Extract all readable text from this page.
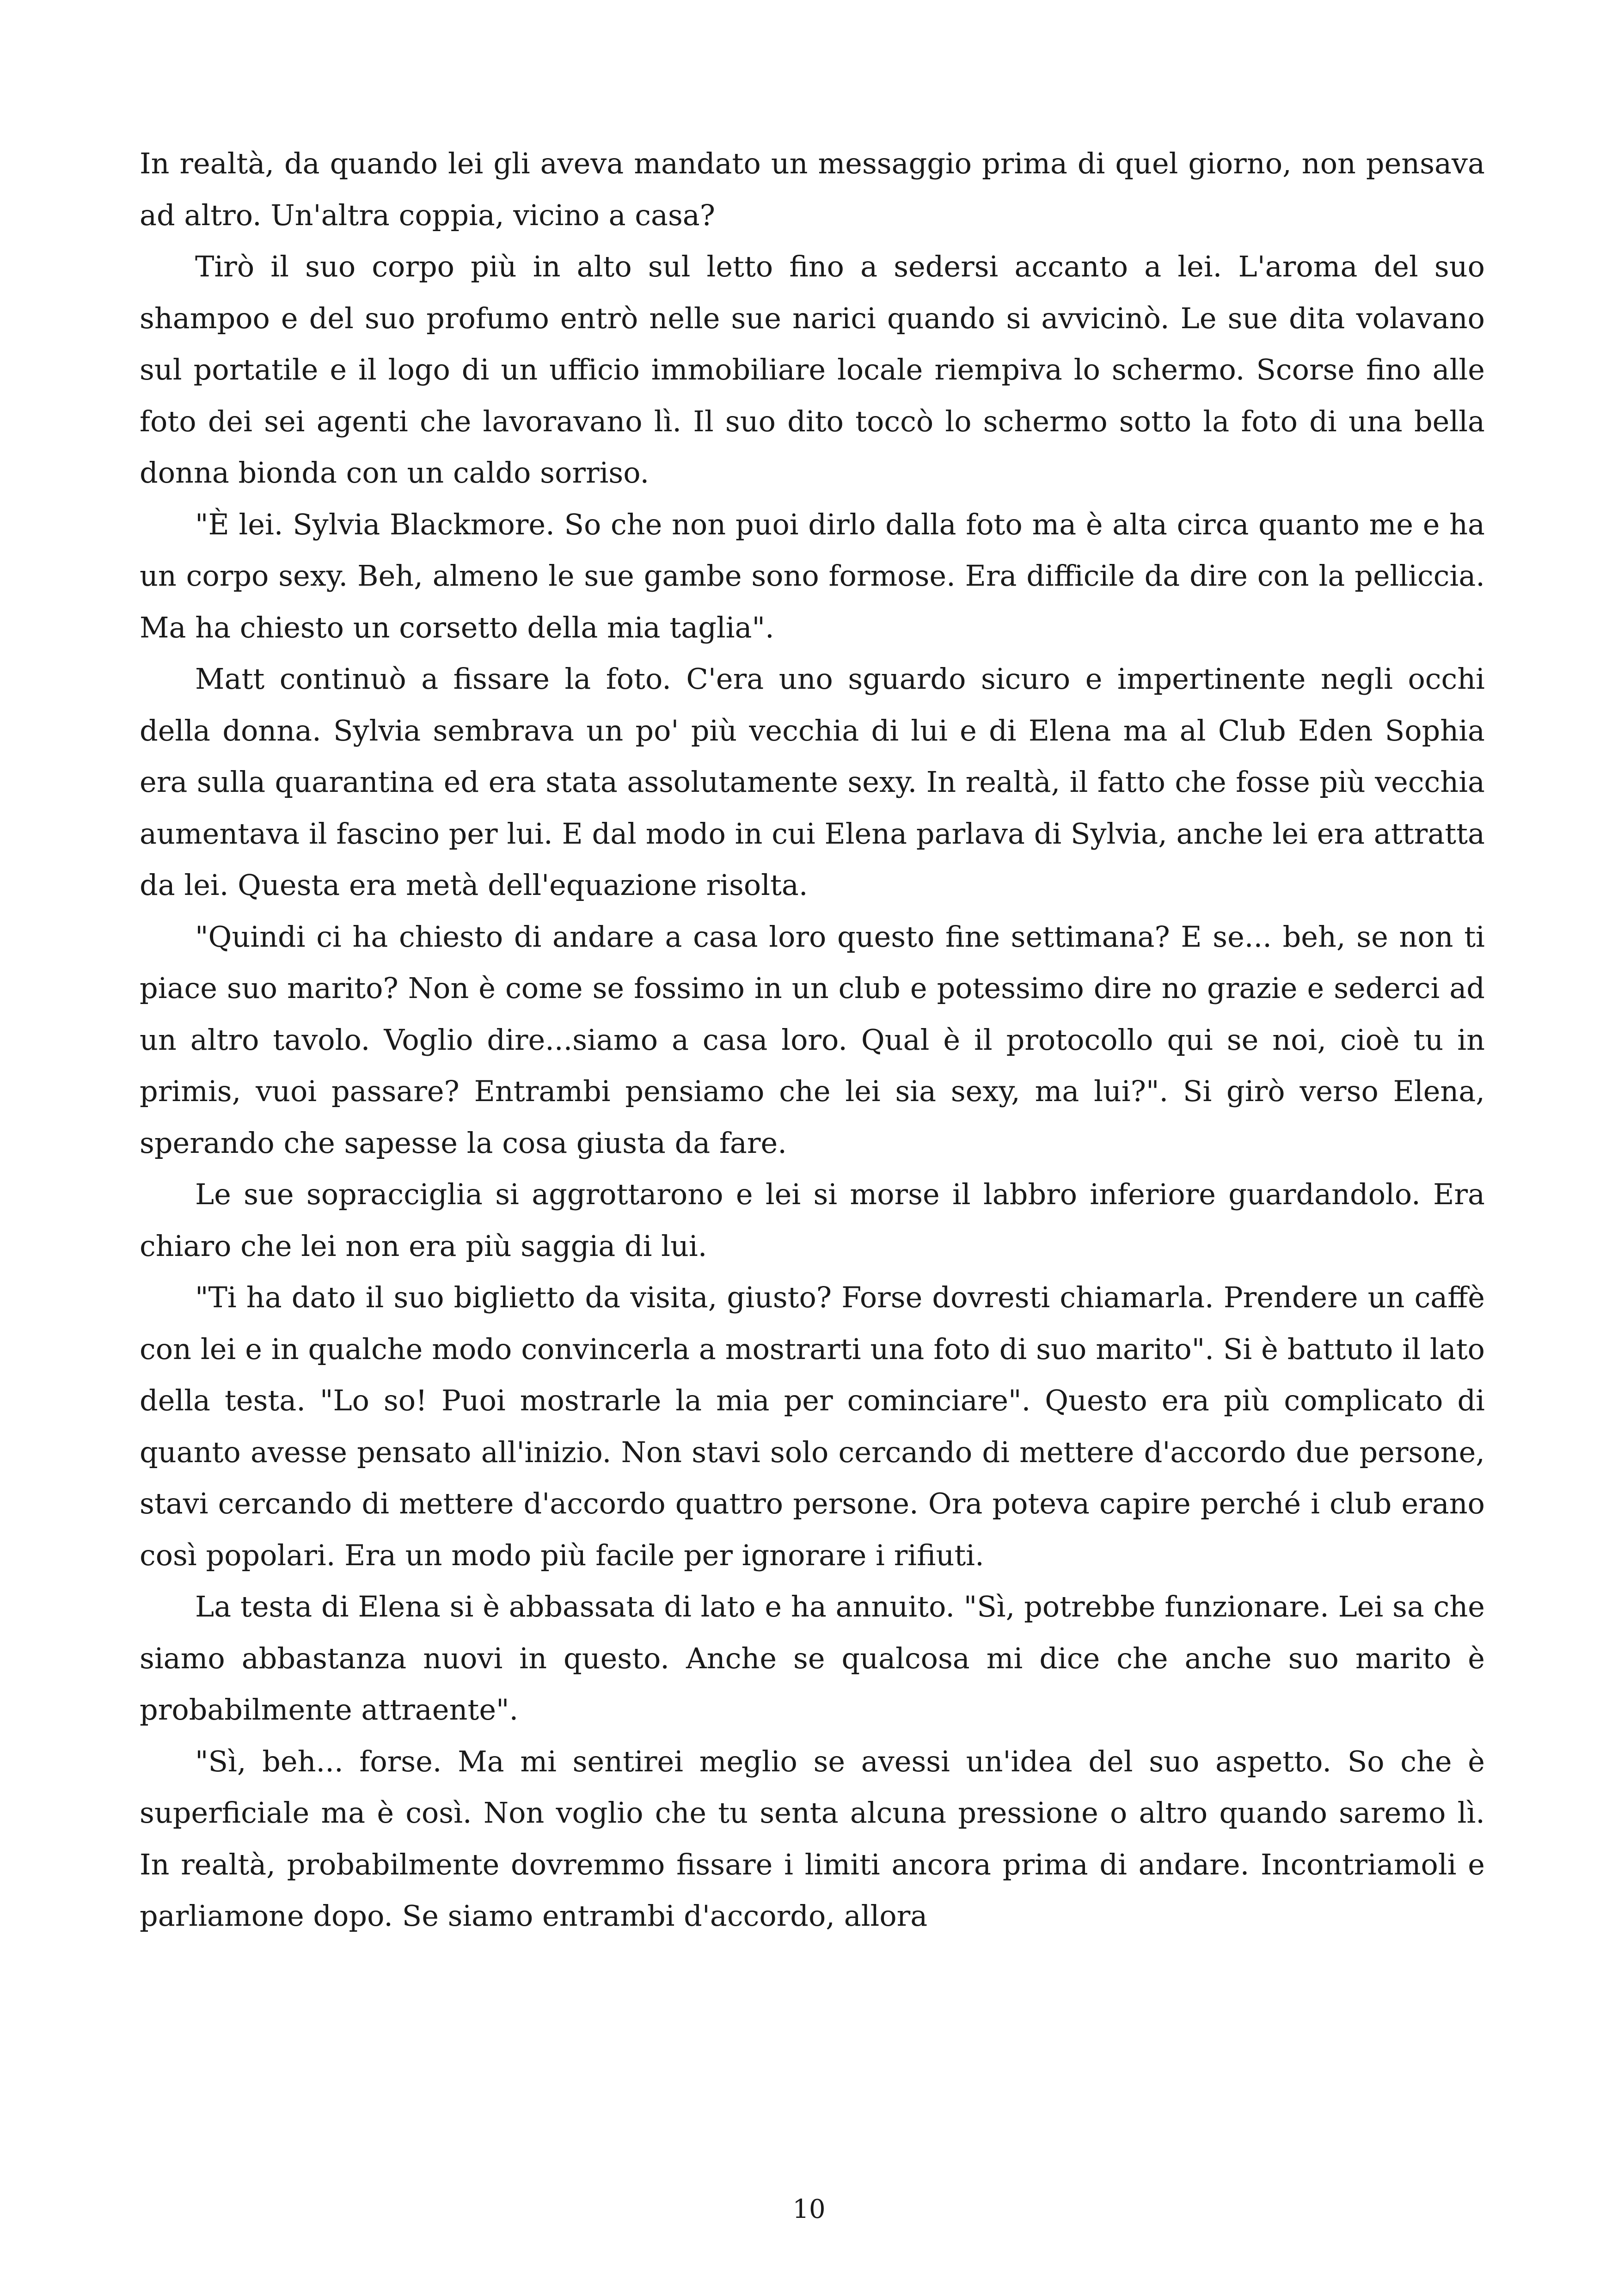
In realtà, da quando lei gli aveva mandato un messaggio prima di quel giorno, non pensava ad altro. Un'altra coppia, vicino a casa?

Tirò il suo corpo più in alto sul letto fino a sedersi accanto a lei. L'aroma del suo shampoo e del suo profumo entrò nelle sue narici quando si avvicinò. Le sue dita volavano sul portatile e il logo di un ufficio immobiliare locale riempiva lo schermo. Scorse fino alle foto dei sei agenti che lavoravano lì. Il suo dito toccò lo schermo sotto la foto di una bella donna bionda con un caldo sorriso.

"È lei. Sylvia Blackmore. So che non puoi dirlo dalla foto ma è alta circa quanto me e ha un corpo sexy. Beh, almeno le sue gambe sono formose. Era difficile da dire con la pelliccia. Ma ha chiesto un corsetto della mia taglia".

Matt continuò a fissare la foto. C'era uno sguardo sicuro e impertinente negli occhi della donna. Sylvia sembrava un po' più vecchia di lui e di Elena ma al Club Eden Sophia era sulla quarantina ed era stata assolutamente sexy. In realtà, il fatto che fosse più vecchia aumentava il fascino per lui. E dal modo in cui Elena parlava di Sylvia, anche lei era attratta da lei. Questa era metà dell'equazione risolta.

"Quindi ci ha chiesto di andare a casa loro questo fine settimana? E se... beh, se non ti piace suo marito? Non è come se fossimo in un club e potessimo dire no grazie e sederci ad un altro tavolo. Voglio dire...siamo a casa loro. Qual è il protocollo qui se noi, cioè tu in primis, vuoi passare? Entrambi pensiamo che lei sia sexy, ma lui?". Si girò verso Elena, sperando che sapesse la cosa giusta da fare.

Le sue sopracciglia si aggrottarono e lei si morse il labbro inferiore guardandolo. Era chiaro che lei non era più saggia di lui.

"Ti ha dato il suo biglietto da visita, giusto? Forse dovresti chiamarla. Prendere un caffè con lei e in qualche modo convincerla a mostrarti una foto di suo marito". Si è battuto il lato della testa. "Lo so! Puoi mostrarle la mia per cominciare". Questo era più complicato di quanto avesse pensato all'inizio. Non stavi solo cercando di mettere d'accordo due persone, stavi cercando di mettere d'accordo quattro persone. Ora poteva capire perché i club erano così popolari. Era un modo più facile per ignorare i rifiuti.

La testa di Elena si è abbassata di lato e ha annuito. "Sì, potrebbe funzionare. Lei sa che siamo abbastanza nuovi in questo. Anche se qualcosa mi dice che anche suo marito è probabilmente attraente".

"Sì, beh... forse. Ma mi sentirei meglio se avessi un'idea del suo aspetto. So che è superficiale ma è così. Non voglio che tu senta alcuna pressione o altro quando saremo lì. In realtà, probabilmente dovremmo fissare i limiti ancora prima di andare. Incontriamoli e parliamone dopo. Se siamo entrambi d'accordo, allora

10
